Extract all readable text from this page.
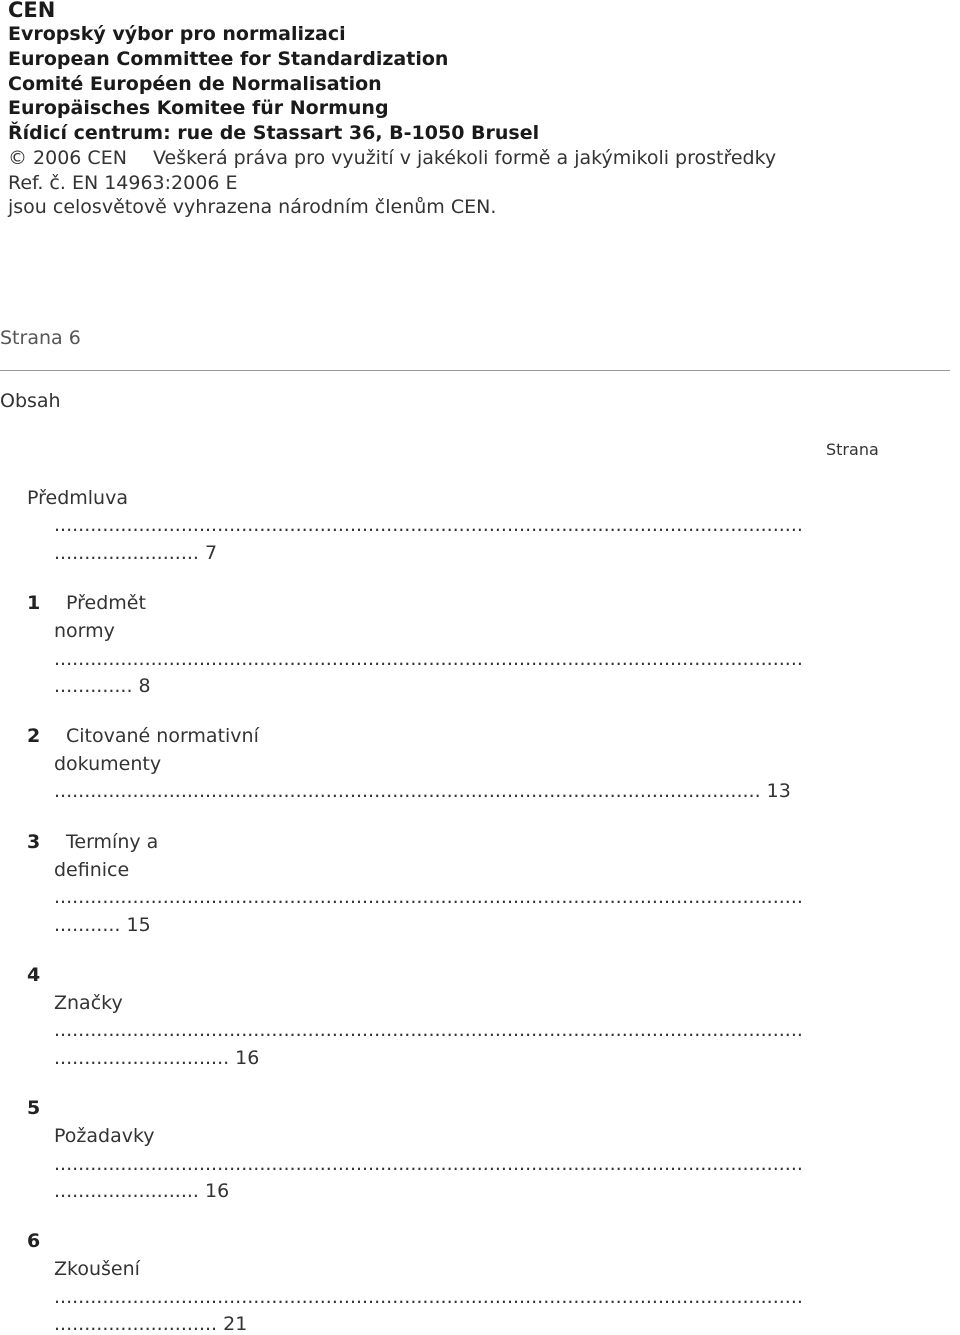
CEN
Evropský výbor pro normalizaci
European Committee for Standardization
Comité Européen de Normalisation
Europäisches Komitee für Normung
Řídicí centrum: rue de Stassart 36, B-1050 Brusel
© 2006 CEN Veškerá práva pro využití v jakékoli formě a jakýmikoli prostředky
Ref. č. EN 14963:2006 E
jsou celosvětově vyhrazena národním členům CEN.
Strana 6
Obsah
Strana
Předmluva
............................................................................................................................
........................ 7
1 Předmět
normy
............................................................................................................................
............. 8
2 Citované normativní
dokumenty
..................................................................................................................... 13
3 Termíny a
definice
............................................................................................................................
........... 15
4
Značky
............................................................................................................................
............................. 16
5
Požadavky
............................................................................................................................
........................ 16
6
Zkoušení
............................................................................................................................
........................... 21
